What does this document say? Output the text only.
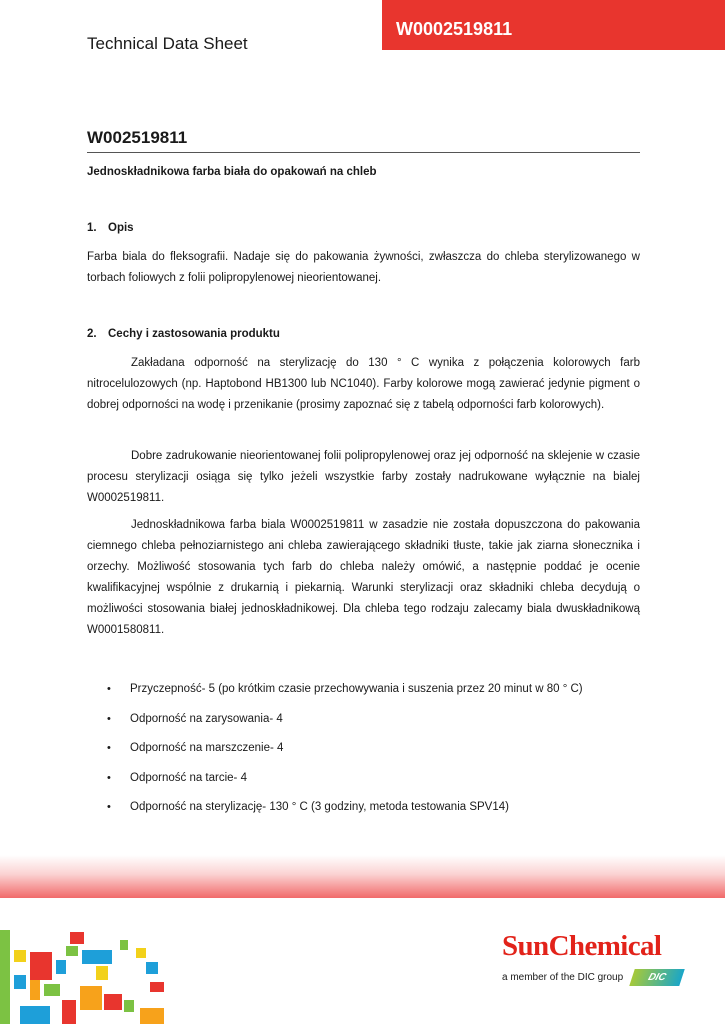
Technical Data Sheet
W0002519811
W002519811
Jednoskładnikowa farba biała do opakowań na chleb
1. Opis

Farba biala do fleksografii. Nadaje się do pakowania żywności, zwłaszcza do chleba sterylizowanego w torbach foliowych z folii polipropylenowej nieorientowanej.

2. Cechy i zastosowania produktu

Zakładana odporność na sterylizację do 130 ° C wynika z połączenia kolorowych farb nitrocelulozowych (np. Haptobond HB1300 lub NC1040). Farby kolorowe mogą zawierać jedynie pigment o dobrej odporności na wodę i przenikanie (prosimy zapoznać się z tabelą odporności farb kolorowych).

Dobre zadrukowanie nieorientowanej folii polipropylenowej oraz jej odporność na sklejenie w czasie procesu sterylizacji osiąga się tylko jeżeli wszystkie farby zostały nadrukowane wyłącznie na bialej W0002519811.

Jednoskładnikowa farba biala W0002519811 w zasadzie nie została dopuszczona do pakowania ciemnego chleba pełnoziarnistego ani chleba zawierającego składniki tłuste, takie jak ziarna słonecznika i orzechy. Możliwość stosowania tych farb do chleba należy omówić, a następnie poddać je ocenie kwalifikacyjnej wspólnie z drukarnią i piekarnią. Warunki sterylizacji oraz składniki chleba decydują o możliwości stosowania białej jednoskładnikowej. Dla chleba tego rodzaju zalecamy biala dwuskładnikową W0001580811.

• Przyczepność- 5 (po krótkim czasie przechowywania i suszenia przez 20 minut w 80 ° C)
• Odporność na zarysowania- 4
• Odporność na marszczenie- 4
• Odporność na tarcie- 4
• Odporność na sterylizację- 130 ° C (3 godziny, metoda testowania SPV14)
SunChemical
a member of the DIC group	DIC
